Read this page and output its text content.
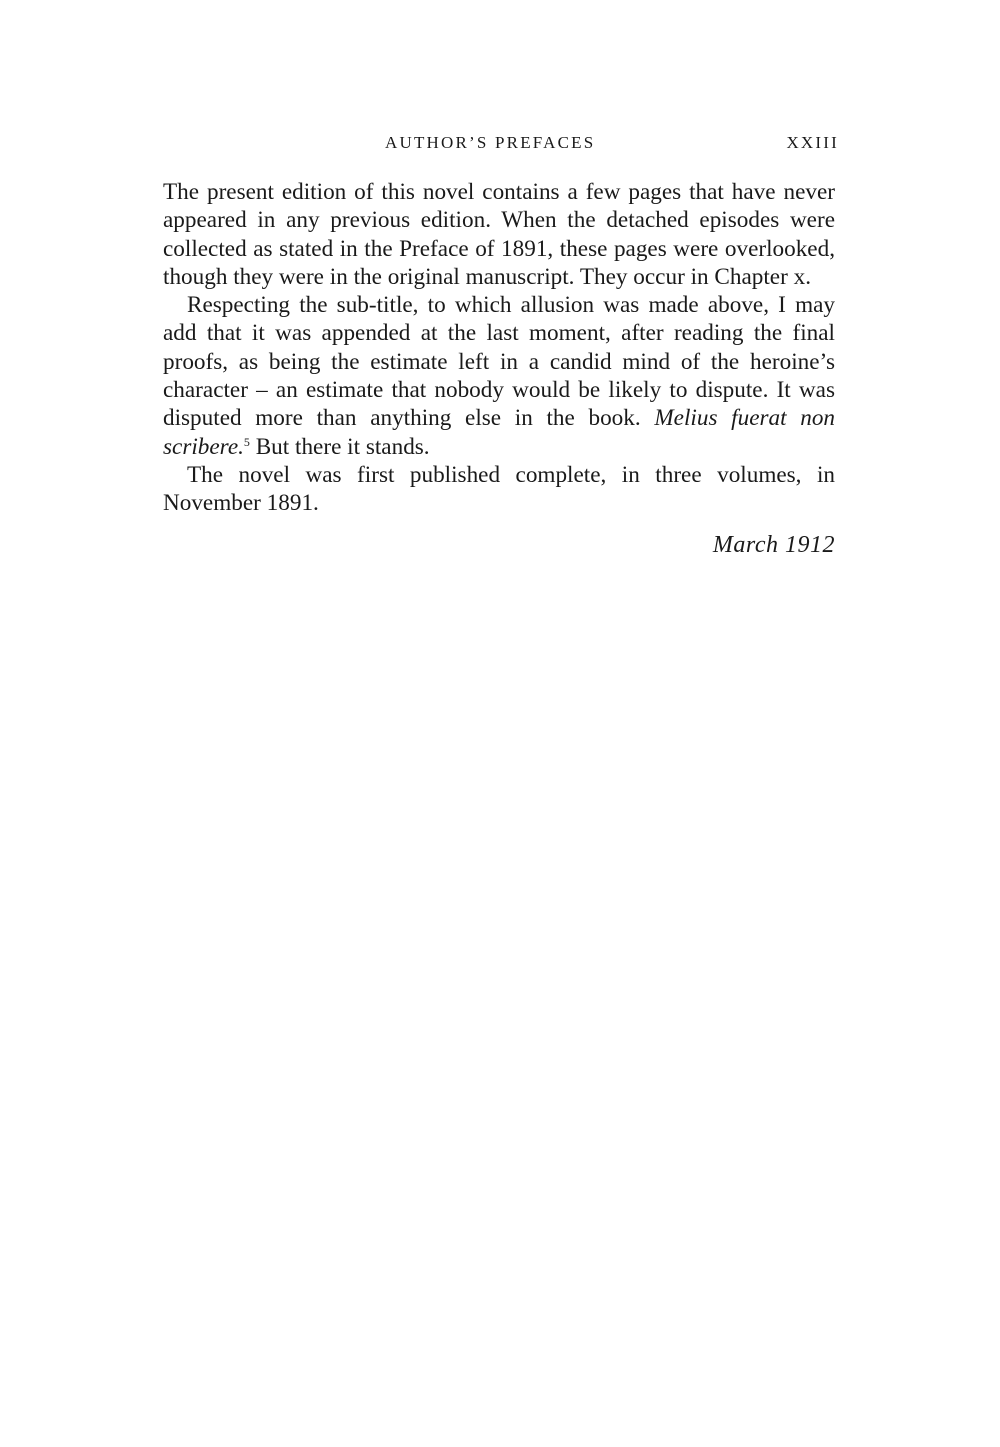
AUTHOR’S PREFACES	XXIII

The present edition of this novel contains a few pages that have never appeared in any previous edition. When the detached episodes were collected as stated in the Preface of 1891, these pages were overlooked, though they were in the original manuscript. They occur in Chapter x.

Respecting the sub-title, to which allusion was made above, I may add that it was appended at the last moment, after reading the final proofs, as being the estimate left in a candid mind of the heroine’s character – an estimate that nobody would be likely to dispute. It was disputed more than anything else in the book. Melius fuerat non scribere.$^5$ But there it stands.

The novel was first published complete, in three volumes, in November 1891.

March 1912
